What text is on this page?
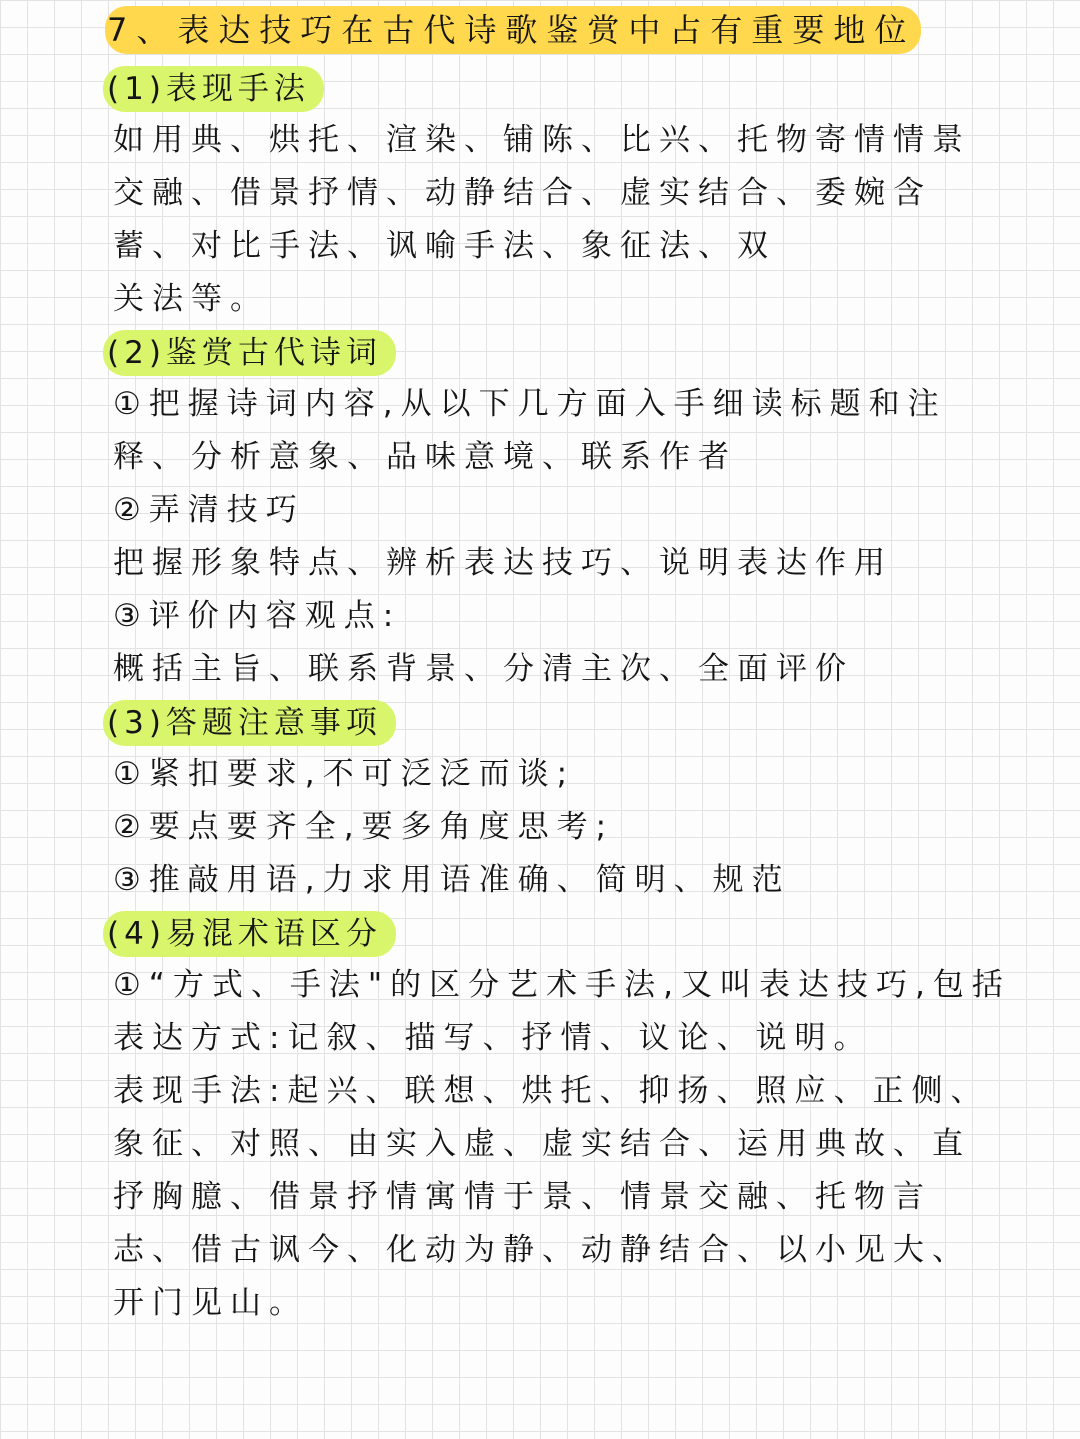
7、表达技巧在古代诗歌鉴赏中占有重要地位
(1)表现手法
如用典、烘托、渲染、铺陈、比兴、托物寄情情景
交融、借景抒情、动静结合、虚实结合、委婉含
蓄、对比手法、讽喻手法、象征法、双
关法等。
(2)鉴赏古代诗词
①把握诗词内容,从以下几方面入手细读标题和注
释、分析意象、品味意境、联系作者
②弄清技巧
把握形象特点、辨析表达技巧、说明表达作用
③评价内容观点:
概括主旨、联系背景、分清主次、全面评价
(3)答题注意事项
①紧扣要求,不可泛泛而谈;
②要点要齐全,要多角度思考;
③推敲用语,力求用语准确、简明、规范
(4)易混术语区分
①“方式、手法"的区分艺术手法,又叫表达技巧,包括
表达方式:记叙、描写、抒情、议论、说明。
表现手法:起兴、联想、烘托、抑扬、照应、正侧、
象征、对照、由实入虚、虚实结合、运用典故、直
抒胸臆、借景抒情寓情于景、情景交融、托物言
志、借古讽今、化动为静、动静结合、以小见大、
开门见山。
